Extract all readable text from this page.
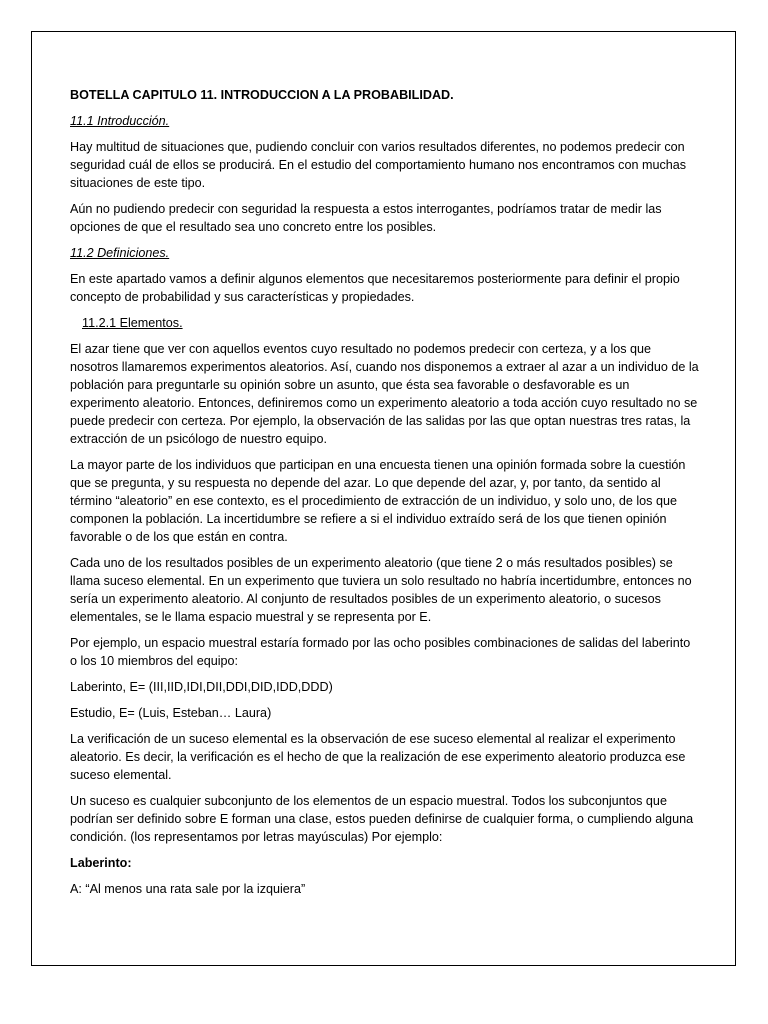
BOTELLA CAPITULO 11. INTRODUCCION A LA PROBABILIDAD.

11.1 Introducción.

Hay multitud de situaciones que, pudiendo concluir con varios resultados diferentes, no podemos predecir con seguridad cuál de ellos se producirá. En el estudio del comportamiento humano nos encontramos con muchas situaciones de este tipo.

Aún no pudiendo predecir con seguridad la respuesta a estos interrogantes, podríamos tratar de medir las opciones de que el resultado sea uno concreto entre los posibles.

11.2 Definiciones.

En este apartado vamos a definir algunos elementos que necesitaremos posteriormente para definir el propio concepto de probabilidad y sus características y propiedades.

11.2.1 Elementos.

El azar tiene que ver con aquellos eventos cuyo resultado no podemos predecir con certeza, y a los que nosotros llamaremos experimentos aleatorios. Así, cuando nos disponemos a extraer al azar a un individuo de la población para preguntarle su opinión sobre un asunto, que ésta sea favorable o desfavorable es un experimento aleatorio. Entonces, definiremos como un experimento aleatorio a toda acción cuyo resultado no se puede predecir con certeza. Por ejemplo, la observación de las salidas por las que optan nuestras tres ratas, la extracción de un psicólogo de nuestro equipo.

La mayor parte de los individuos que participan en una encuesta tienen una opinión formada sobre la cuestión que se pregunta, y su respuesta no depende del azar. Lo que depende del azar, y, por tanto, da sentido al término “aleatorio” en ese contexto, es el procedimiento de extracción de un individuo, y solo uno, de los que componen la población. La incertidumbre se refiere a si el individuo extraído será de los que tienen opinión favorable o de los que están en contra.

Cada uno de los resultados posibles de un experimento aleatorio (que tiene 2 o más resultados posibles) se llama suceso elemental. En un experimento que tuviera un solo resultado no habría incertidumbre, entonces no sería un experimento aleatorio. Al conjunto de resultados posibles de un experimento aleatorio, o sucesos elementales, se le llama espacio muestral y se representa por E.

Por ejemplo, un espacio muestral estaría formado por las ocho posibles combinaciones de salidas del laberinto o los 10 miembros del equipo:

Laberinto, E= (III,IID,IDI,DII,DDI,DID,IDD,DDD)

Estudio, E= (Luis, Esteban… Laura)

La verificación de un suceso elemental es la observación de ese suceso elemental al realizar el experimento aleatorio. Es decir, la verificación es el hecho de que la realización de ese experimento aleatorio produzca ese suceso elemental.

Un suceso es cualquier subconjunto de los elementos de un espacio muestral. Todos los subconjuntos que podrían ser definido sobre E forman una clase, estos pueden definirse de cualquier forma, o cumpliendo alguna condición. (los representamos por letras mayúsculas) Por ejemplo:

Laberinto:

A: “Al menos una rata sale por la izquiera”
